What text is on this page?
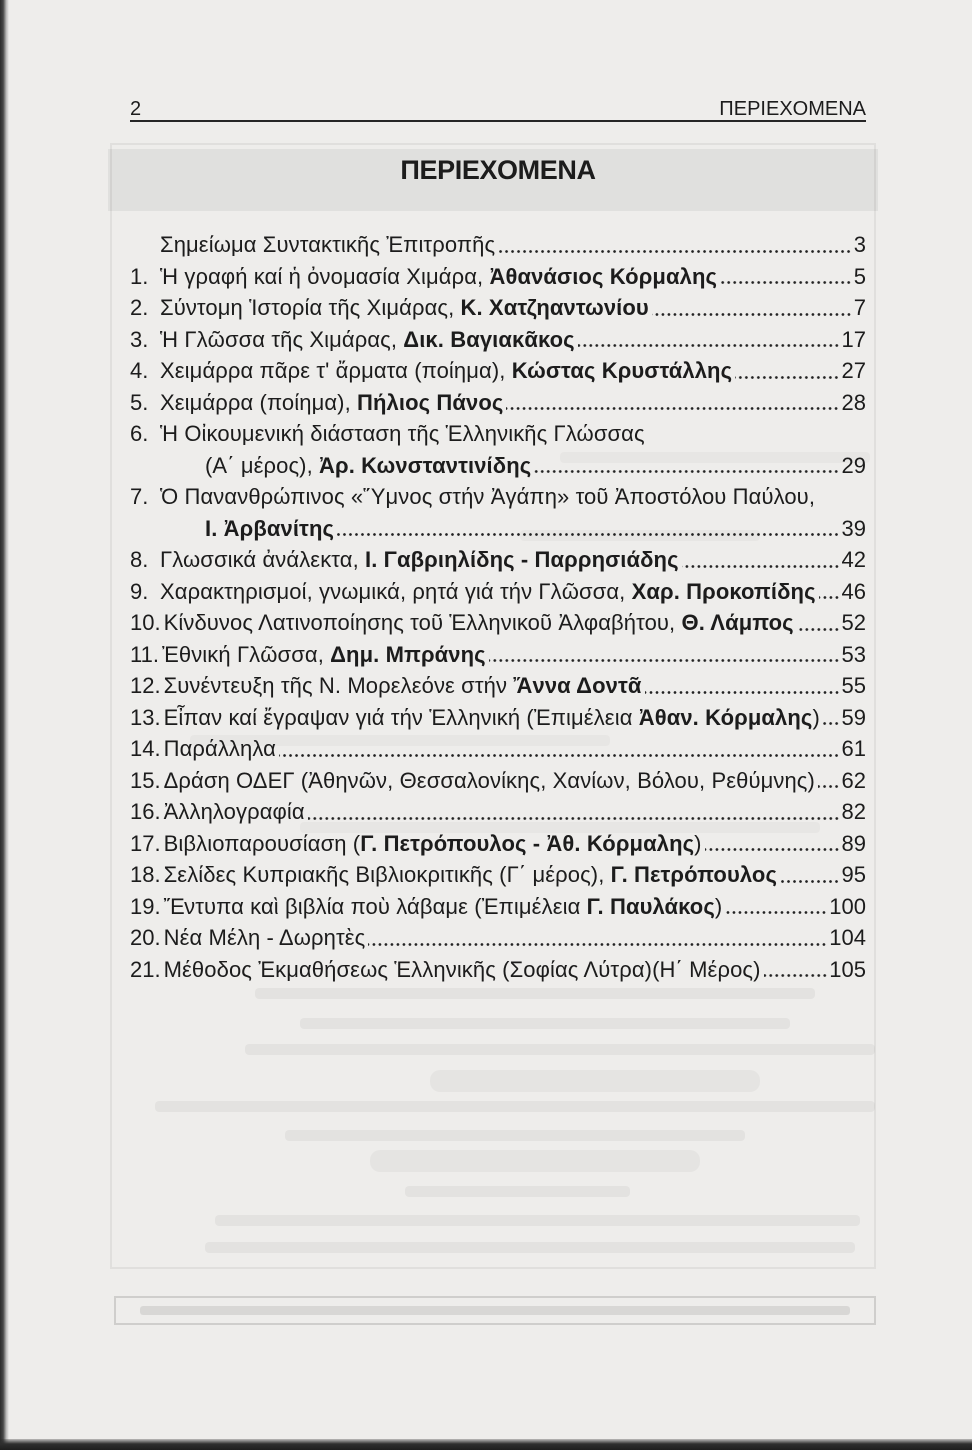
2	ΠΕΡΙΕΧΟΜΕΝΑ
ΠΕΡΙΕΧΟΜΕΝΑ
Σημείωμα Συντακτικῆς Ἐπιτροπῆς	3
1. Ἡ γραφή καί ἡ ὀνομασία Χιμάρα, Ἀθανάσιος Κόρμαλης	5
2. Σύντομη Ἱστορία τῆς Χιμάρας, Κ. Χατζηαντωνίου	7
3. Ἡ Γλῶσσα τῆς Χιμάρας, Δικ. Βαγιακᾶκος	17
4. Χειμάρρα πᾶρε τ' ἄρματα (ποίημα), Κώστας Κρυστάλλης	27
5. Χειμάρρα (ποίημα), Πήλιος Πάνος	28
6. Ἡ Οἰκουμενική διάσταση τῆς Ἑλληνικῆς Γλώσσας
(Α΄ μέρος), Ἀρ. Κωνσταντινίδης	29
7. Ὁ Πανανθρώπινος «Ὕμνος στήν Ἀγάπη» τοῦ Ἀποστόλου Παύλου,
Ι. Ἀρβανίτης	39
8. Γλωσσικά ἀνάλεκτα, Ι. Γαβριηλίδης - Παρρησιάδης	42
9. Χαρακτηρισμοί, γνωμικά, ρητά γιά τήν Γλῶσσα, Χαρ. Προκοπίδης 46
10. Κίνδυνος Λατινοποίησης τοῦ Ἑλληνικοῦ Ἀλφαβήτου, Θ. Λάμπος 52
11. Ἐθνική Γλῶσσα, Δημ. Μπράνης	53
12. Συνέντευξη τῆς Ν. Μορελεόνε στήν Ἄννα Δοντᾶ	55
13. Εἶπαν καί ἔγραψαν γιά τήν Ἑλληνική (Ἐπιμέλεια Ἀθαν. Κόρμαλης) 59
14. Παράλληλα	61
15. Δράση ΟΔΕΓ (Ἀθηνῶν, Θεσσαλονίκης, Χανίων, Βόλου, Ρεθύμνης) 62
16. Ἀλληλογραφία	82
17. Βιβλιοπαρουσίαση (Γ. Πετρόπουλος - Ἀθ. Κόρμαλης)	89
18. Σελίδες Κυπριακῆς Βιβλιοκριτικῆς (Γ΄ μέρος), Γ. Πετρόπουλος	95
19. Ἔντυπα καὶ βιβλία ποὺ λάβαμε (Ἐπιμέλεια Γ. Παυλάκος)	100
20. Νέα Μέλη - Δωρητὲς	104
21. Μέθοδος Ἐκμαθήσεως Ἑλληνικῆς (Σοφίας Λύτρα)(Η΄ Μέρος)	105
